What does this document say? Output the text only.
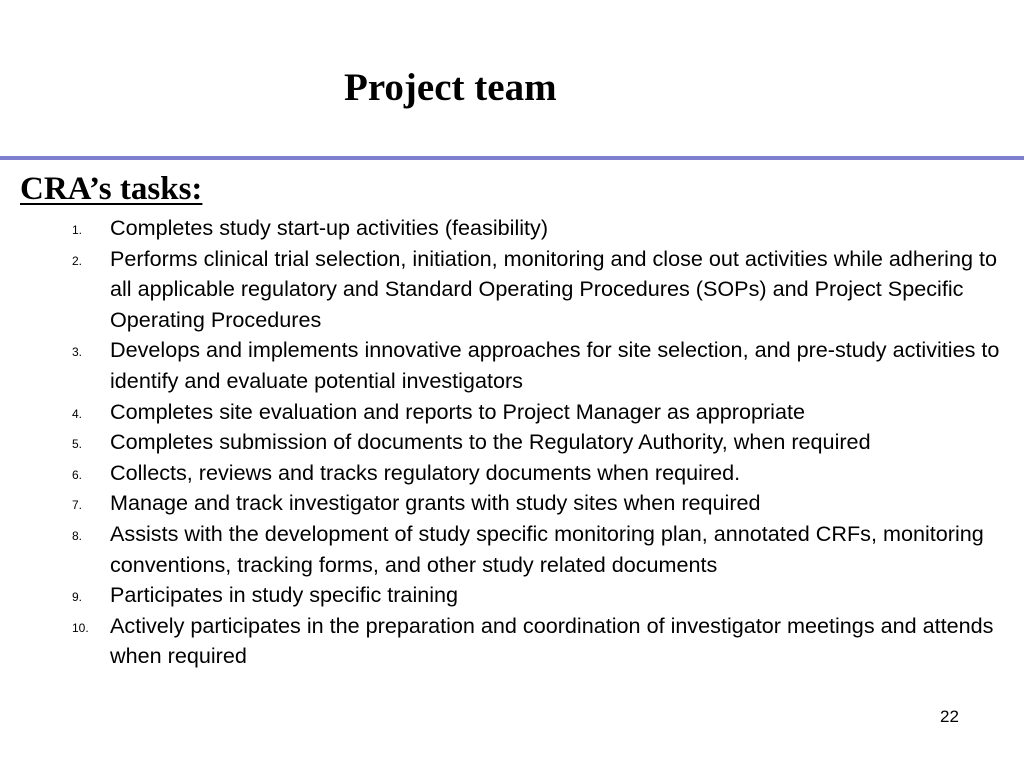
Project team
CRA’s tasks:
1. Completes study start-up activities (feasibility)
2. Performs clinical trial selection, initiation, monitoring and close out activities while adhering to all applicable regulatory and Standard Operating Procedures (SOPs) and Project Specific Operating Procedures
3. Develops and implements innovative approaches for site selection, and pre-study activities to identify and evaluate potential investigators
4. Completes site evaluation and reports to Project Manager as appropriate
5. Completes submission of documents to the Regulatory Authority, when required
6. Collects, reviews and tracks regulatory documents when required.
7. Manage and track investigator grants with study sites when required
8. Assists with the development of study specific monitoring plan, annotated CRFs, monitoring conventions, tracking forms, and other study related documents
9. Participates in study specific training
10. Actively participates in the preparation and coordination of investigator meetings and attends when required
22
